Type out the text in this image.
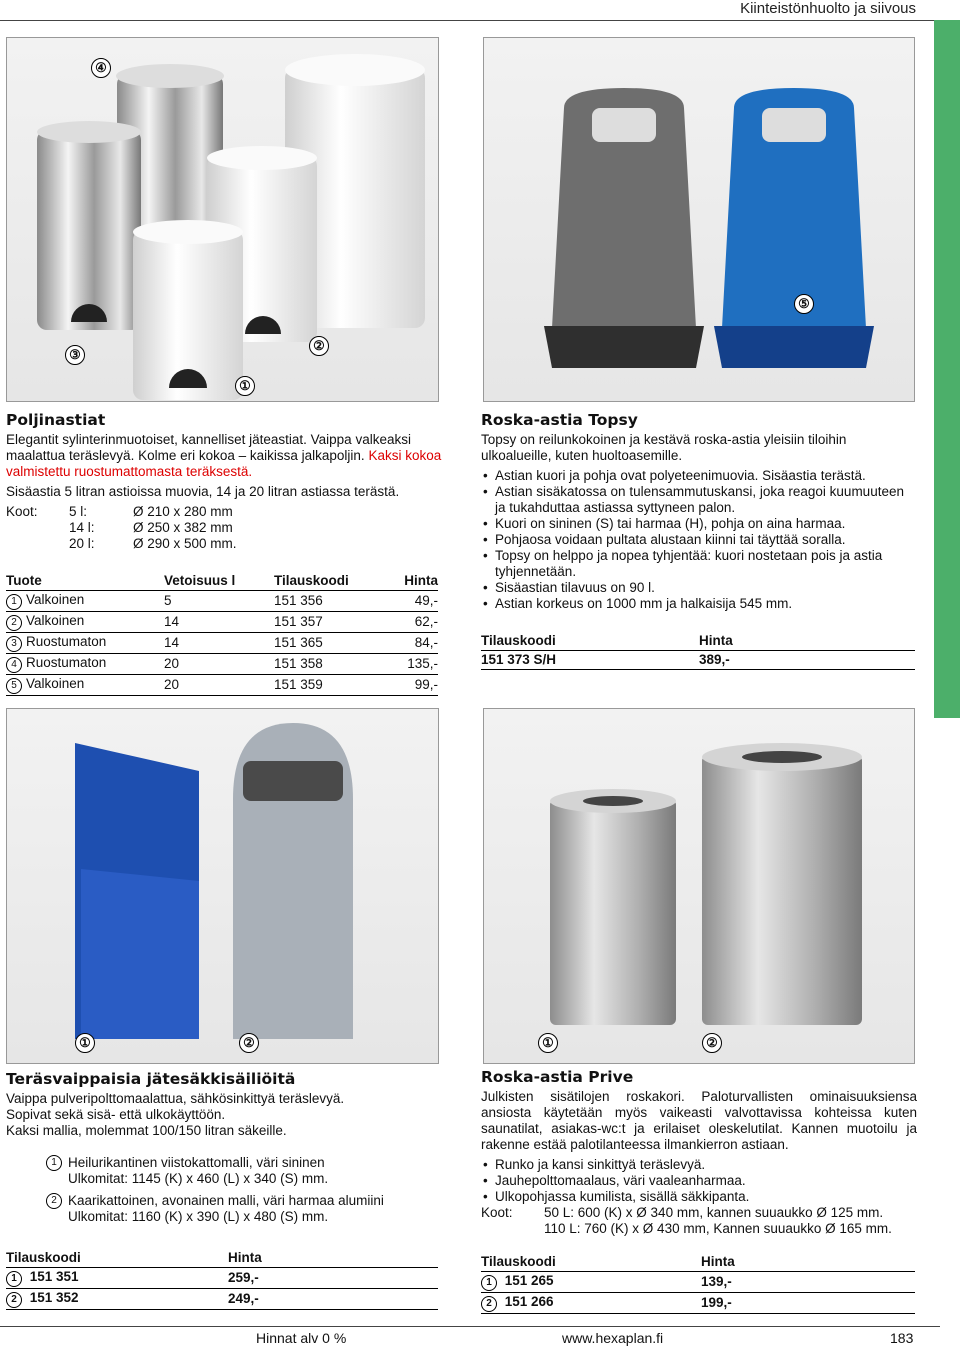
Kiinteistönhuolto ja siivous
④
③
②
①
⑤
Poljinastiat

Elegantit sylinterinmuotoiset, kannelliset jäteastiat. Vaippa valkeaksi maalattua teräslevyä. Kolme eri kokoa – kaikissa jalkapoljin. Kaksi kokoa valmistettu ruostumattomasta teräksestä.

Sisäastia 5 litran astioissa muovia, 14 ja 20 litran astiassa terästä.

Koot:	5 l:	Ø 210 x 280 mm
14 l:	Ø 250 x 382 mm
20 l:	Ø 290 x 500 mm.
Tuote	Vetoisuus l	Tilauskoodi	Hinta
1 Valkoinen	5	151 356	49,-
2 Valkoinen	14	151 357	62,-
3 Ruostumaton	14	151 365	84,-
4 Ruostumaton	20	151 358	135,-
5 Valkoinen	20	151 359	99,-
Roska-astia Topsy

Topsy on reilunkokoinen ja kestävä roska-astia yleisiin tiloihin ulkoalueille, kuten huoltoasemille.

• Astian kuori ja pohja ovat polyeteenimuovia. Sisäastia terästä.
• Astian sisäkatossa on tulensammutuskansi, joka reagoi kuumuuteen ja tukahduttaa astiassa syttyneen palon.
• Kuori on sininen (S) tai harmaa (H), pohja on aina harmaa.
• Pohjaosa voidaan pultata alustaan kiinni tai täyttää soralla.
• Topsy on helppo ja nopea tyhjentää: kuori nostetaan pois ja astia tyhjennetään.
• Sisäastian tilavuus on 90 l.
• Astian korkeus on 1000 mm ja halkaisija 545 mm.
Tilauskoodi	Hinta
151 373 S/H	389,-
①	②	①	②
Teräsvaippaisia jätesäkkisäiliöitä
Vaippa pulveripolttomaalattua, sähkösinkittyä teräslevyä.
Sopivat sekä sisä- että ulkokäyttöön.
Kaksi mallia, molemmat 100/150 litran säkeille.
1 Heilurikantinen viistokattomalli, väri sininen
Ulkomitat: 1145 (K) x 460 (L) x 340 (S) mm.
2 Kaarikattoinen, avonainen malli, väri harmaa alumiini
Ulkomitat: 1160 (K) x 390 (L) x 480 (S) mm.
Tilauskoodi	Hinta
1 151 351	259,-
2 151 352	249,-
Roska-astia Prive

Julkisten sisätilojen roskakori. Paloturvallisten ominaisuuksiensa ansiosta käytetään myös vaikeasti valvottavissa kohteissa kuten saunatilat, asiakas-wc:t ja erilaiset oleskelutilat. Kannen muotoilu ja rakenne estää palotilanteessa ilmankierron astiaan.

• Runko ja kansi sinkittyä teräslevyä.
• Jauhepolttomaalaus, väri vaaleanharmaa.
• Ulkopohjassa kumilista, sisällä säkkipanta.
Koot:	50 L: 600 (K) x Ø 340 mm, kannen suuaukko Ø 125 mm.
110 L: 760 (K) x Ø 430 mm, Kannen suuaukko Ø 165 mm.
Tilauskoodi	Hinta
1 151 265	139,-
2 151 266	199,-
Hinnat alv 0 %	www.hexaplan.fi	183
